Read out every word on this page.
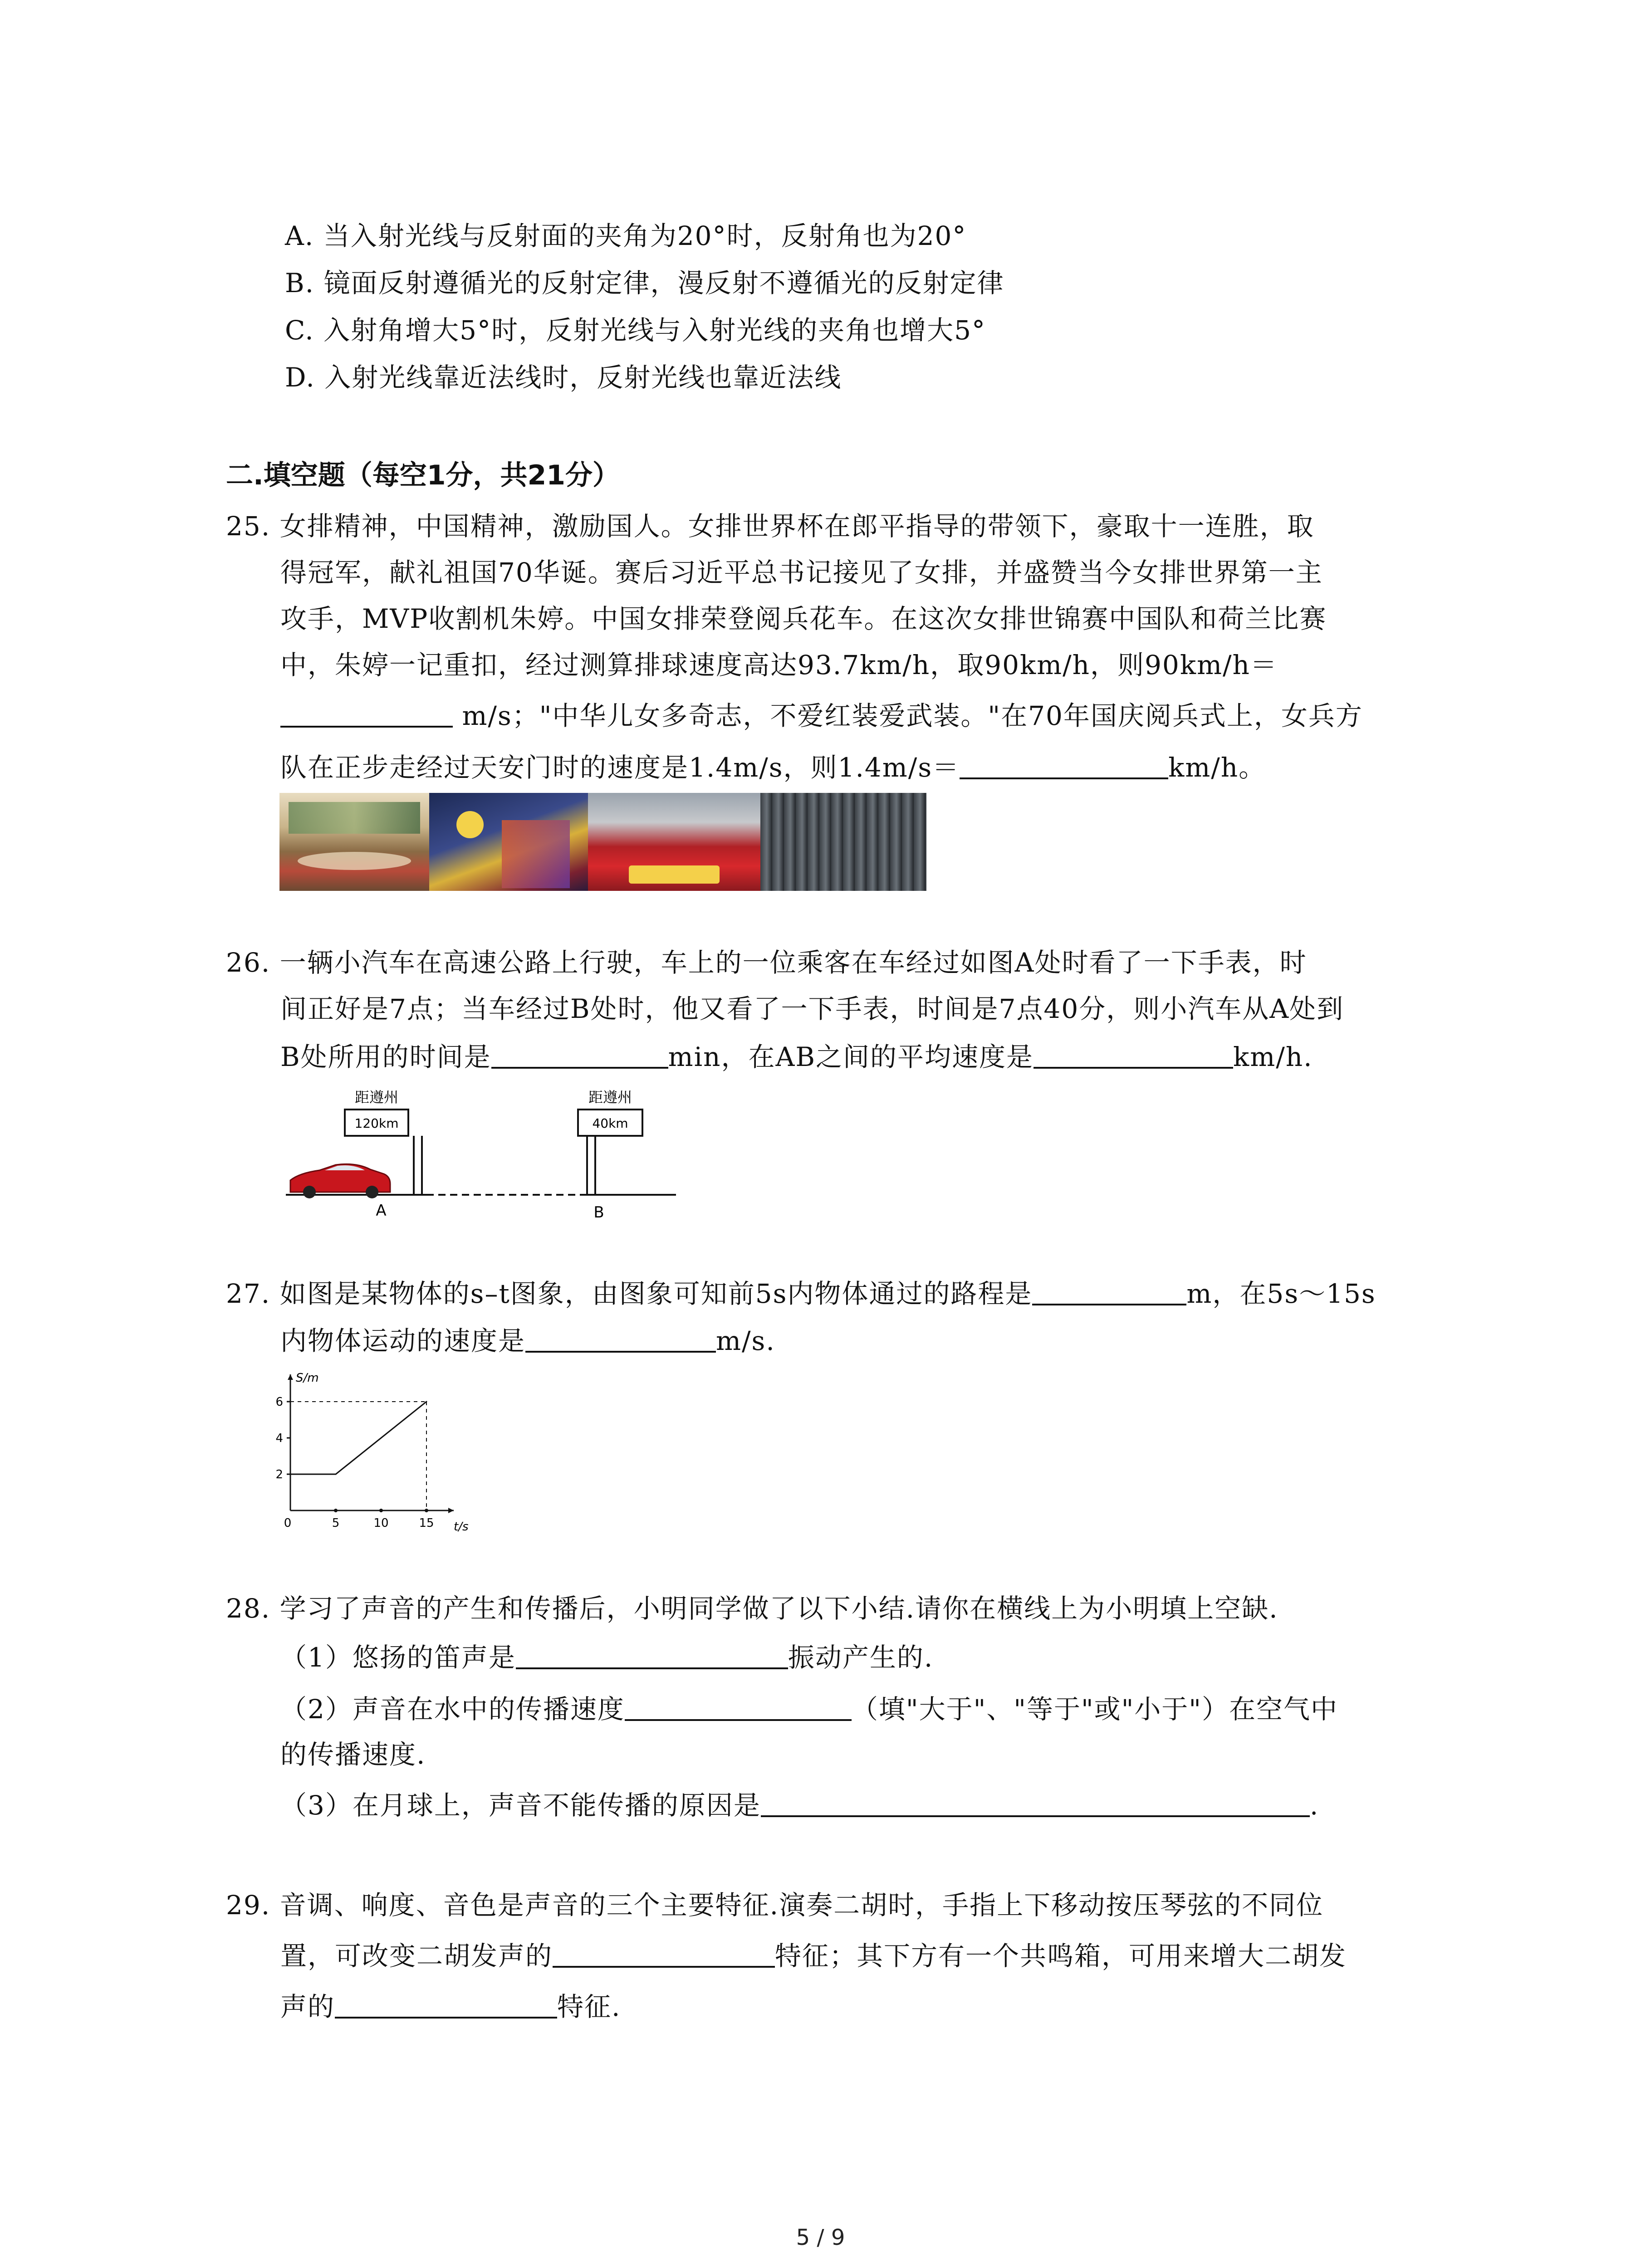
A. 当入射光线与反射面的夹角为20°时，反射角也为20°
B. 镜面反射遵循光的反射定律，漫反射不遵循光的反射定律
C. 入射角增大5°时，反射光线与入射光线的夹角也增大5°
D. 入射光线靠近法线时，反射光线也靠近法线
二.填空题（每空1分，共21分）
25. 女排精神，中国精神，激励国人。女排世界杯在郎平指导的带领下，豪取十一连胜，取
得冠军，献礼祖国70华诞。赛后习近平总书记接见了女排，并盛赞当今女排世界第一主
攻手，MVP收割机朱婷。中国女排荣登阅兵花车。在这次女排世锦赛中国队和荷兰比赛
中，朱婷一记重扣，经过测算排球速度高达93.7km/h，取90km/h，则90km/h＝
m/s；"中华儿女多奇志，不爱红装爱武装。"在70年国庆阅兵式上，女兵方
队在正步走经过天安门时的速度是1.4m/s，则1.4m/s＝	km/h。
26. 一辆小汽车在高速公路上行驶，车上的一位乘客在车经过如图A处时看了一下手表，时
间正好是7点；当车经过B处时，他又看了一下手表，时间是7点40分，则小汽车从A处到
B处所用的时间是	min，在AB之间的平均速度是	km/h.
距遵州
120km
距遵州
40km
A	B
27. 如图是某物体的s–t图象，由图象可知前5s内物体通过的路程是	m，在5s～15s
内物体运动的速度是	m/s.
S/m
t/s
0	5	10	15
2
4
6
28. 学习了声音的产生和传播后，小明同学做了以下小结.请你在横线上为小明填上空缺.
（1）悠扬的笛声是	振动产生的.
（2）声音在水中的传播速度	（填"大于"、"等于"或"小于"）在空气中
的传播速度.
（3）在月球上，声音不能传播的原因是	.
29. 音调、响度、音色是声音的三个主要特征.演奏二胡时，手指上下移动按压琴弦的不同位
置，可改变二胡发声的	特征；其下方有一个共鸣箱，可用来增大二胡发
声的	特征.
5 / 9
